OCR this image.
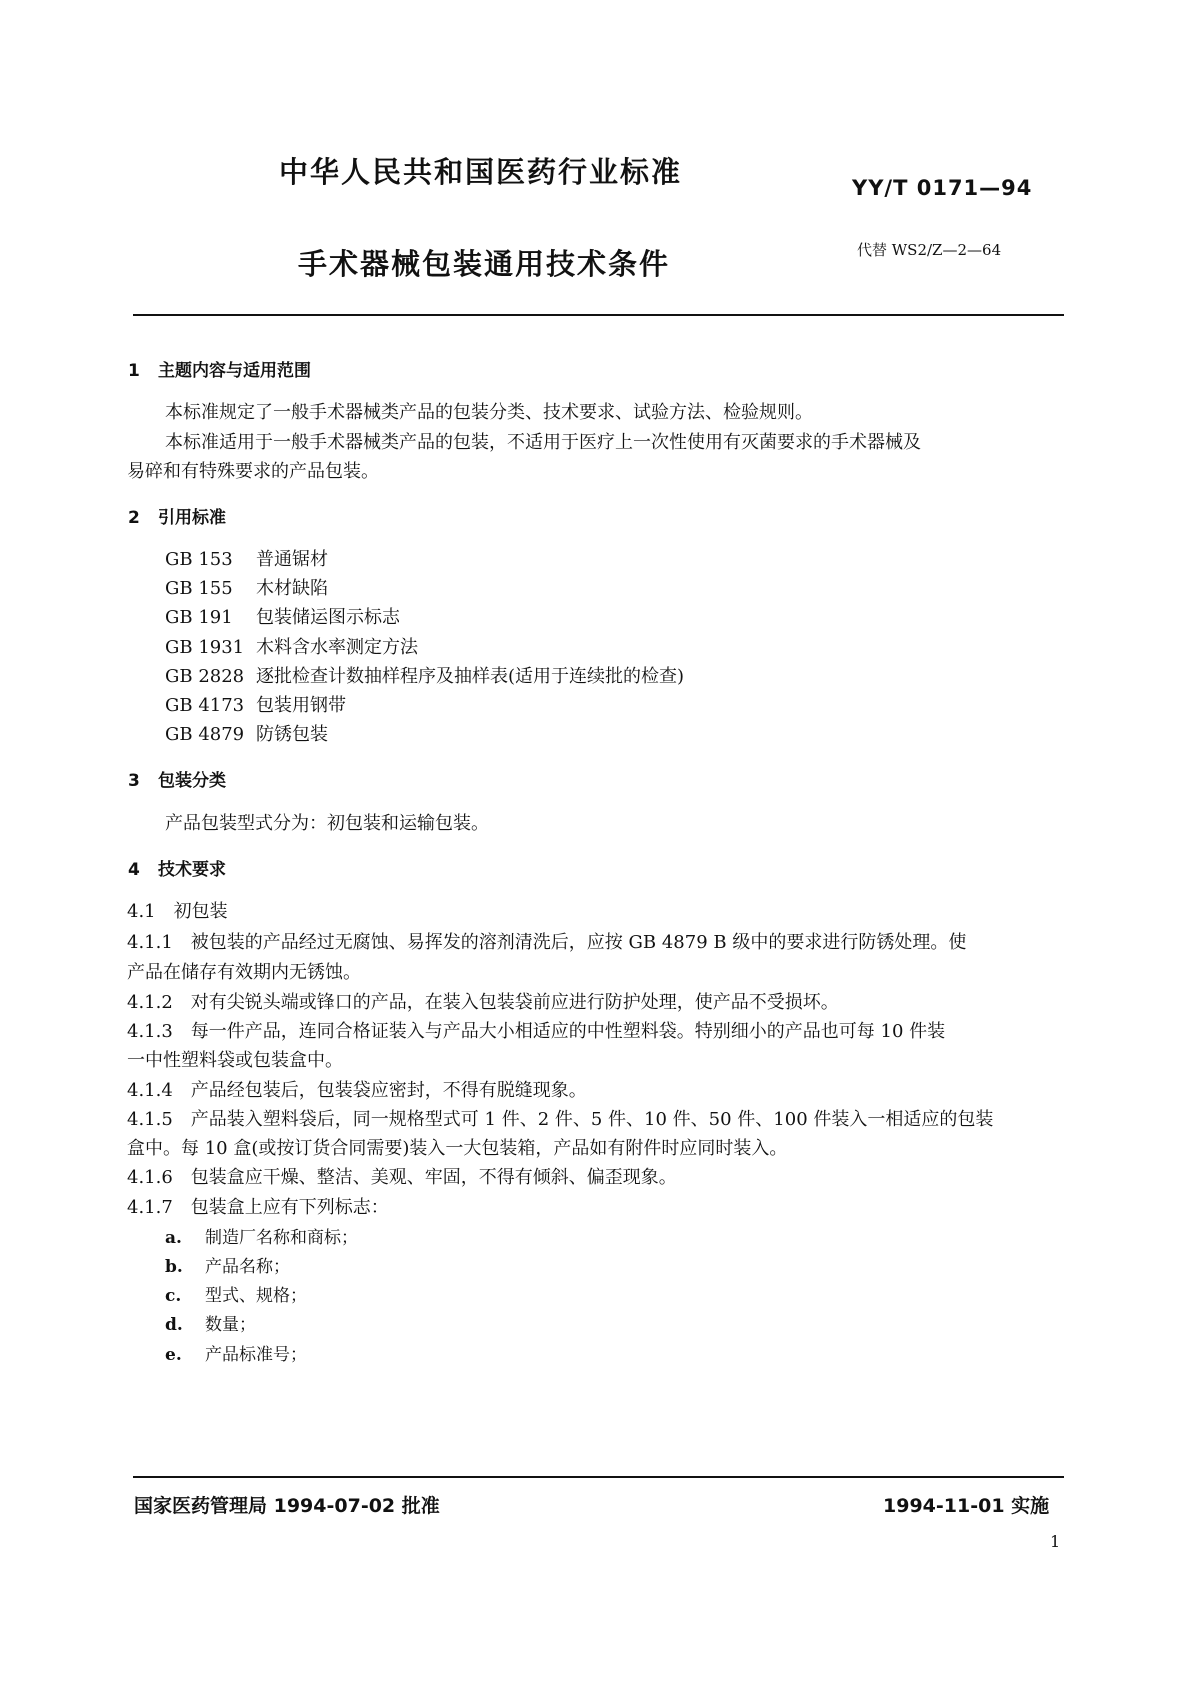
中华人民共和国医药行业标准	YY/T 0171—94
手术器械包装通用技术条件	代替 WS2/Z—2—64
1 主题内容与适用范围
本标准规定了一般手术器械类产品的包装分类、技术要求、试验方法、检验规则。
本标准适用于一般手术器械类产品的包装，不适用于医疗上一次性使用有灭菌要求的手术器械及
易碎和有特殊要求的产品包装。
2 引用标准
GB 153 普通锯材
GB 155 木材缺陷
GB 191 包装储运图示标志
GB 1931 木料含水率测定方法
GB 2828 逐批检查计数抽样程序及抽样表(适用于连续批的检查)
GB 4173 包装用钢带
GB 4879 防锈包装
3 包装分类
产品包装型式分为：初包装和运输包装。
4 技术要求
4.1　初包装
4.1.1　被包装的产品经过无腐蚀、易挥发的溶剂清洗后，应按 GB 4879 B 级中的要求进行防锈处理。使
产品在储存有效期内无锈蚀。
4.1.2　对有尖锐头端或锋口的产品，在装入包装袋前应进行防护处理，使产品不受损坏。
4.1.3　每一件产品，连同合格证装入与产品大小相适应的中性塑料袋。特别细小的产品也可每 10 件装
一中性塑料袋或包装盒中。
4.1.4　产品经包装后，包装袋应密封，不得有脱缝现象。
4.1.5　产品装入塑料袋后，同一规格型式可 1 件、2 件、5 件、10 件、50 件、100 件装入一相适应的包装
盒中。每 10 盒(或按订货合同需要)装入一大包装箱，产品如有附件时应同时装入。
4.1.6　包装盒应干燥、整洁、美观、牢固，不得有倾斜、偏歪现象。
4.1.7　包装盒上应有下列标志：
a. 制造厂名称和商标；
b. 产品名称；
c. 型式、规格；
d. 数量；
e. 产品标准号；
国家医药管理局 1994-07-02 批准	1994-11-01 实施
1
